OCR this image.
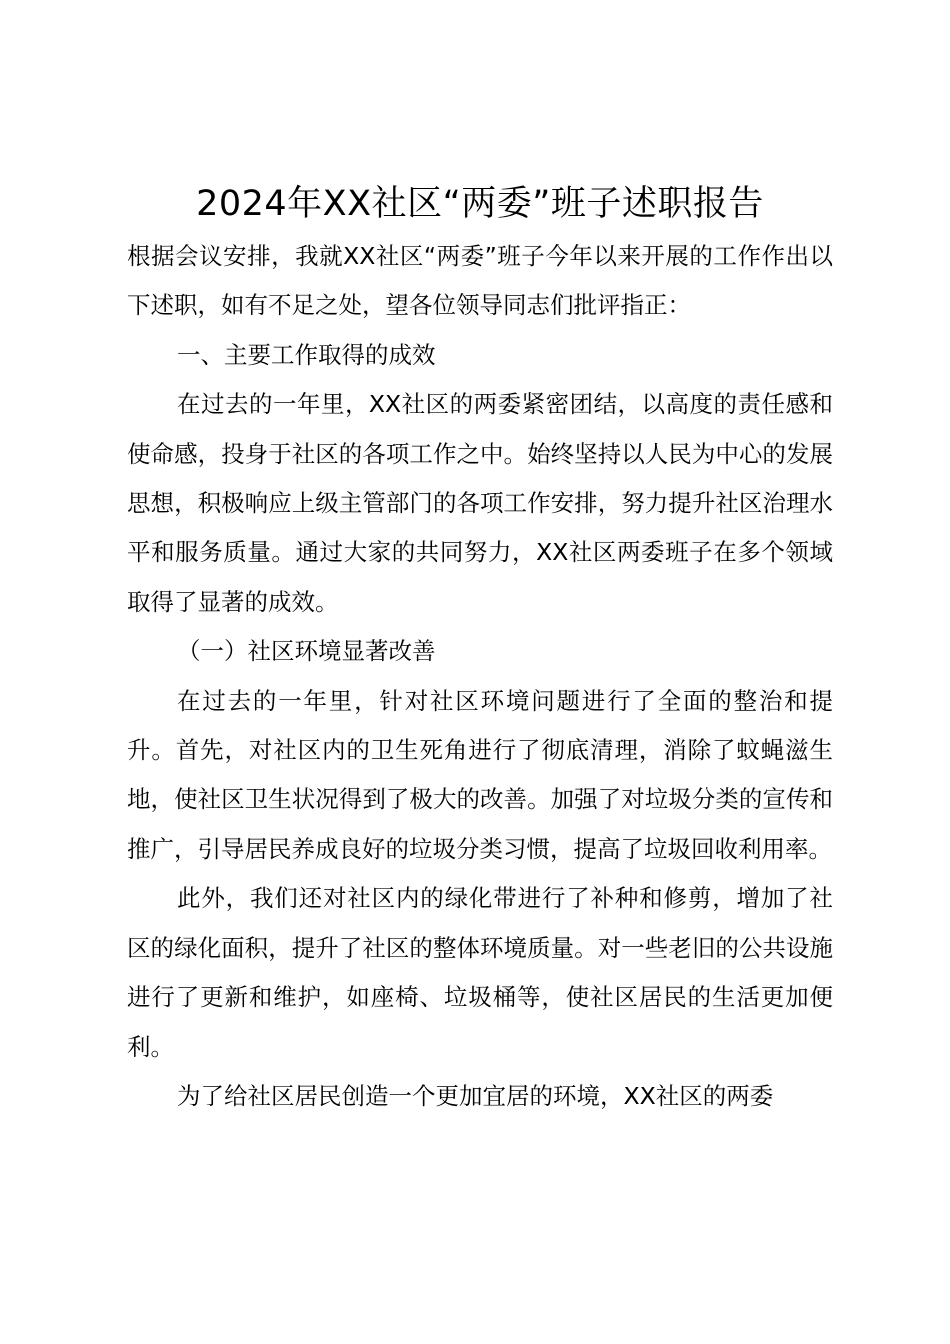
2024年XX社区“两委”班子述职报告

根据会议安排，我就XX社区“两委”班子今年以来开展的工作作出以下述职，如有不足之处，望各位领导同志们批评指正：

一、主要工作取得的成效

在过去的一年里，XX社区的两委紧密团结，以高度的责任感和使命感，投身于社区的各项工作之中。始终坚持以人民为中心的发展思想，积极响应上级主管部门的各项工作安排，努力提升社区治理水平和服务质量。通过大家的共同努力，XX社区两委班子在多个领域取得了显著的成效。

（一）社区环境显著改善

在过去的一年里，针对社区环境问题进行了全面的整治和提升。首先，对社区内的卫生死角进行了彻底清理，消除了蚊蝇滋生地，使社区卫生状况得到了极大的改善。加强了对垃圾分类的宣传和推广，引导居民养成良好的垃圾分类习惯，提高了垃圾回收利用率。

此外，我们还对社区内的绿化带进行了补种和修剪，增加了社区的绿化面积，提升了社区的整体环境质量。对一些老旧的公共设施进行了更新和维护，如座椅、垃圾桶等，使社区居民的生活更加便利。

为了给社区居民创造一个更加宜居的环境，XX社区的两委
